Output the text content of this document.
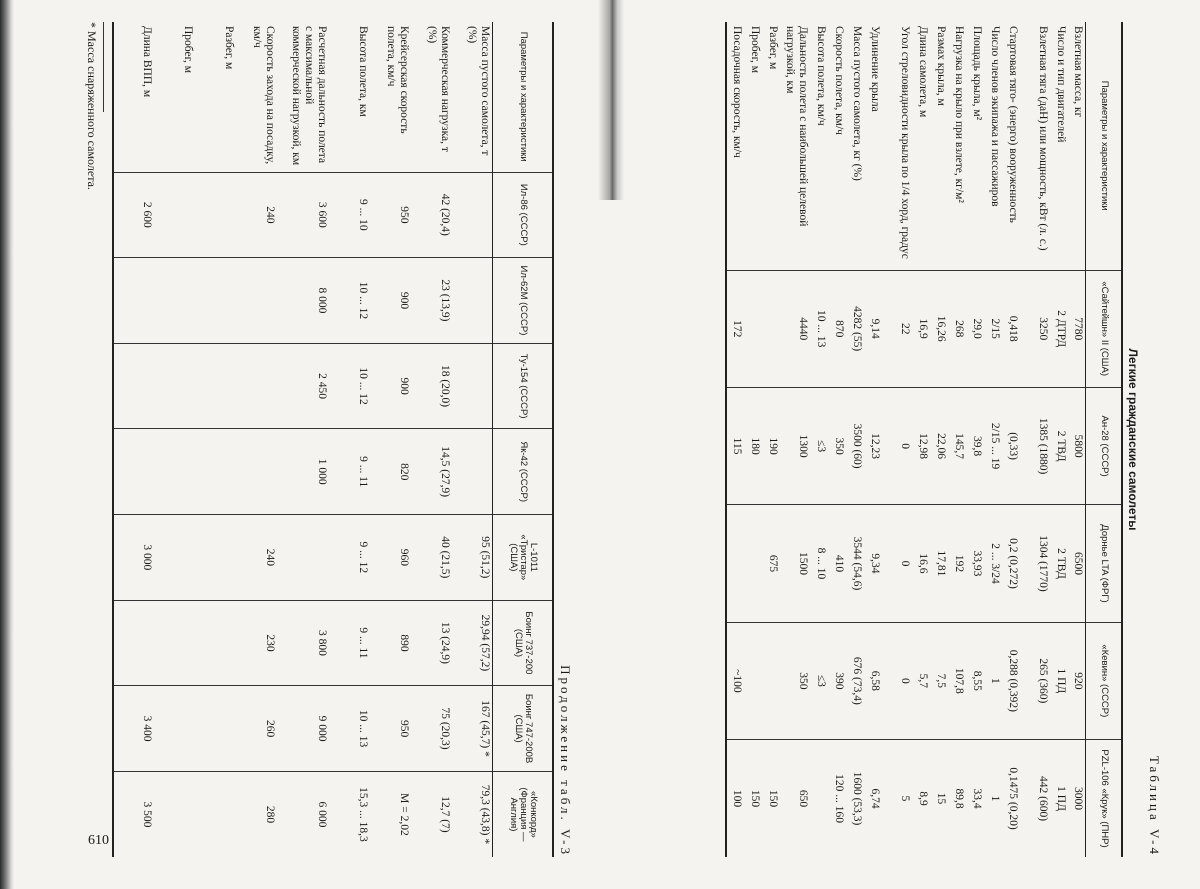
610	Продолжение табл. V-3
Параметры и характеристики	Ил-86 (СССР)	Ил-62М (СССР)	Ту-154 (СССР)	Як-42 (СССР)	L-1011 «Тристар» (США)	Боинг 737-200 (США)	Боинг 747-200В (США)	«Конкорд» (Франция — Англия)
Масса пустого самолета, т (%)					95 (51,2)	29,94 (57,2)	167 (45,7) *	79,3 (43,8) *
Коммерческая нагрузка, т (%)	42 (20,4)	23 (13,9)	18 (20,0)	14,5 (27,9)	40 (21,5)	13 (24,9)	75 (20,3)	12,7 (7)
Крейсерская скорость полета, км/ч	950	900	900	820	960	890	950	M = 2,02
Высота полета, км	9 ... 10	10 ... 12	10 ... 12	9 ... 11	9 ... 12	9 ... 11	10 ... 13	15,3 ... 18,3
Расчетная дальность полета с максимальной коммерческой нагрузкой, км	3 600	8 000	2 450	1 000		3 800	9 000	6 000
Скорость захода на посадку, км/ч	240				240	230	260	280
Разбег, м								
Пробег, м								
Длина ВПП, м	2 600				3 000		3 400	3 500
* Масса снаряженного самолета.
Таблица V-4
Легкие гражданские самолеты
Параметры и характеристики	«Сайтейшн» II (США)	Ан-28 (СССР)	Дорнье LTA (ФРГ)	«Кевин» (СССР)	PZL-106 «Крук» (ПНР)
Взлетная масса, кг	7780	5800	6500	920	3000
Число и тип двигателей	2 ДТРД	2 ТВД	2 ТВД	1 ПД	1 ПД
Взлетная тяга (даН) или мощность, кВт (л. с.)	3250	1385 (1880)	1304 (1770)	265 (360)	442 (600)
Стартовая тяго- (энерго) вооруженность	0,418	(0,33)	0,2 (0,272)	0,288 (0,392)	0,1475 (0,20)
Число членов экипажа и пассажиров	2/15	2/15 ... 19	2 ... 3/24	1	1
Площадь крыла, м²	29,0	39,8	33,93	8,55	33,4
Нагрузка на крыло при взлете, кг/м²	268	145,7	192	107,8	89,8
Размах крыла, м	16,26	22,06	17,81	7,5	15
Длина самолета, м	16,9	12,98	16,6	5,7	8,9
Угол стреловидности крыла по 1/4 хорд, градус	22	0	0	0	5
Удлинение крыла	9,14	12,23	9,34	6,58	6,74
Масса пустого самолета, кг (%)	4282 (55)	3500 (60)	3544 (54,6)	676 (73,4)	1600 (53,3)
Скорость полета, км/ч	870	350	410	390	120 ... 160
Высота полета, км/ч	10 ... 13	≤3	8 ... 10	≤3	
Дальность полета с наибольшей целевой нагрузкой, км	4440	1300	1500	350	650
Разбег, м		190	675		150
Пробег, м		180			150
Посадочная скорость, км/ч	172	115		~100	100
